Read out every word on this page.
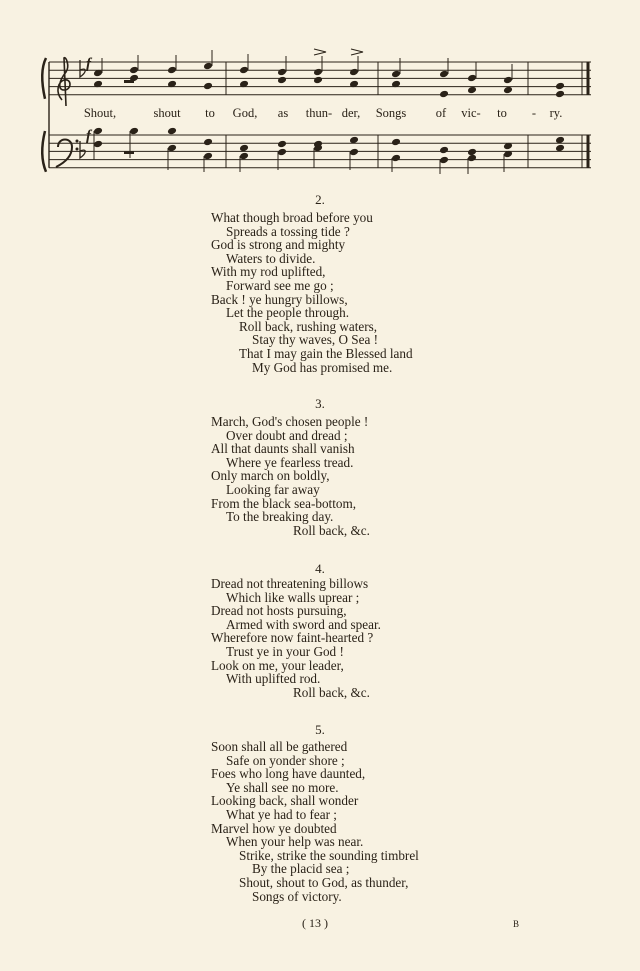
Shout,	shout to God, as thun- der, Songs of vic- to - ry.
f
f
2.
What though broad before you
Spreads a tossing tide ?
God is strong and mighty
Waters to divide.
With my rod uplifted,
Forward see me go ;
Back ! ye hungry billows,
Let the people through.
Roll back, rushing waters,
Stay thy waves, O Sea !
That I may gain the Blessed land
My God has promised me.
3.
March, God's chosen people !
Over doubt and dread ;
All that daunts shall vanish
Where ye fearless tread.
Only march on boldly,
Looking far away
From the black sea-bottom,
To the breaking day.
Roll back, &c.
4.
Dread not threatening billows
Which like walls uprear ;
Dread not hosts pursuing,
Armed with sword and spear.
Wherefore now faint-hearted ?
Trust ye in your God !
Look on me, your leader,
With uplifted rod.
Roll back, &c.
5.
Soon shall all be gathered
Safe on yonder shore ;
Foes who long have daunted,
Ye shall see no more.
Looking back, shall wonder
What ye had to fear ;
Marvel how ye doubted
When your help was near.
Strike, strike the sounding timbrel
By the placid sea ;
Shout, shout to God, as thunder,
Songs of victory.
( 13 )	B
